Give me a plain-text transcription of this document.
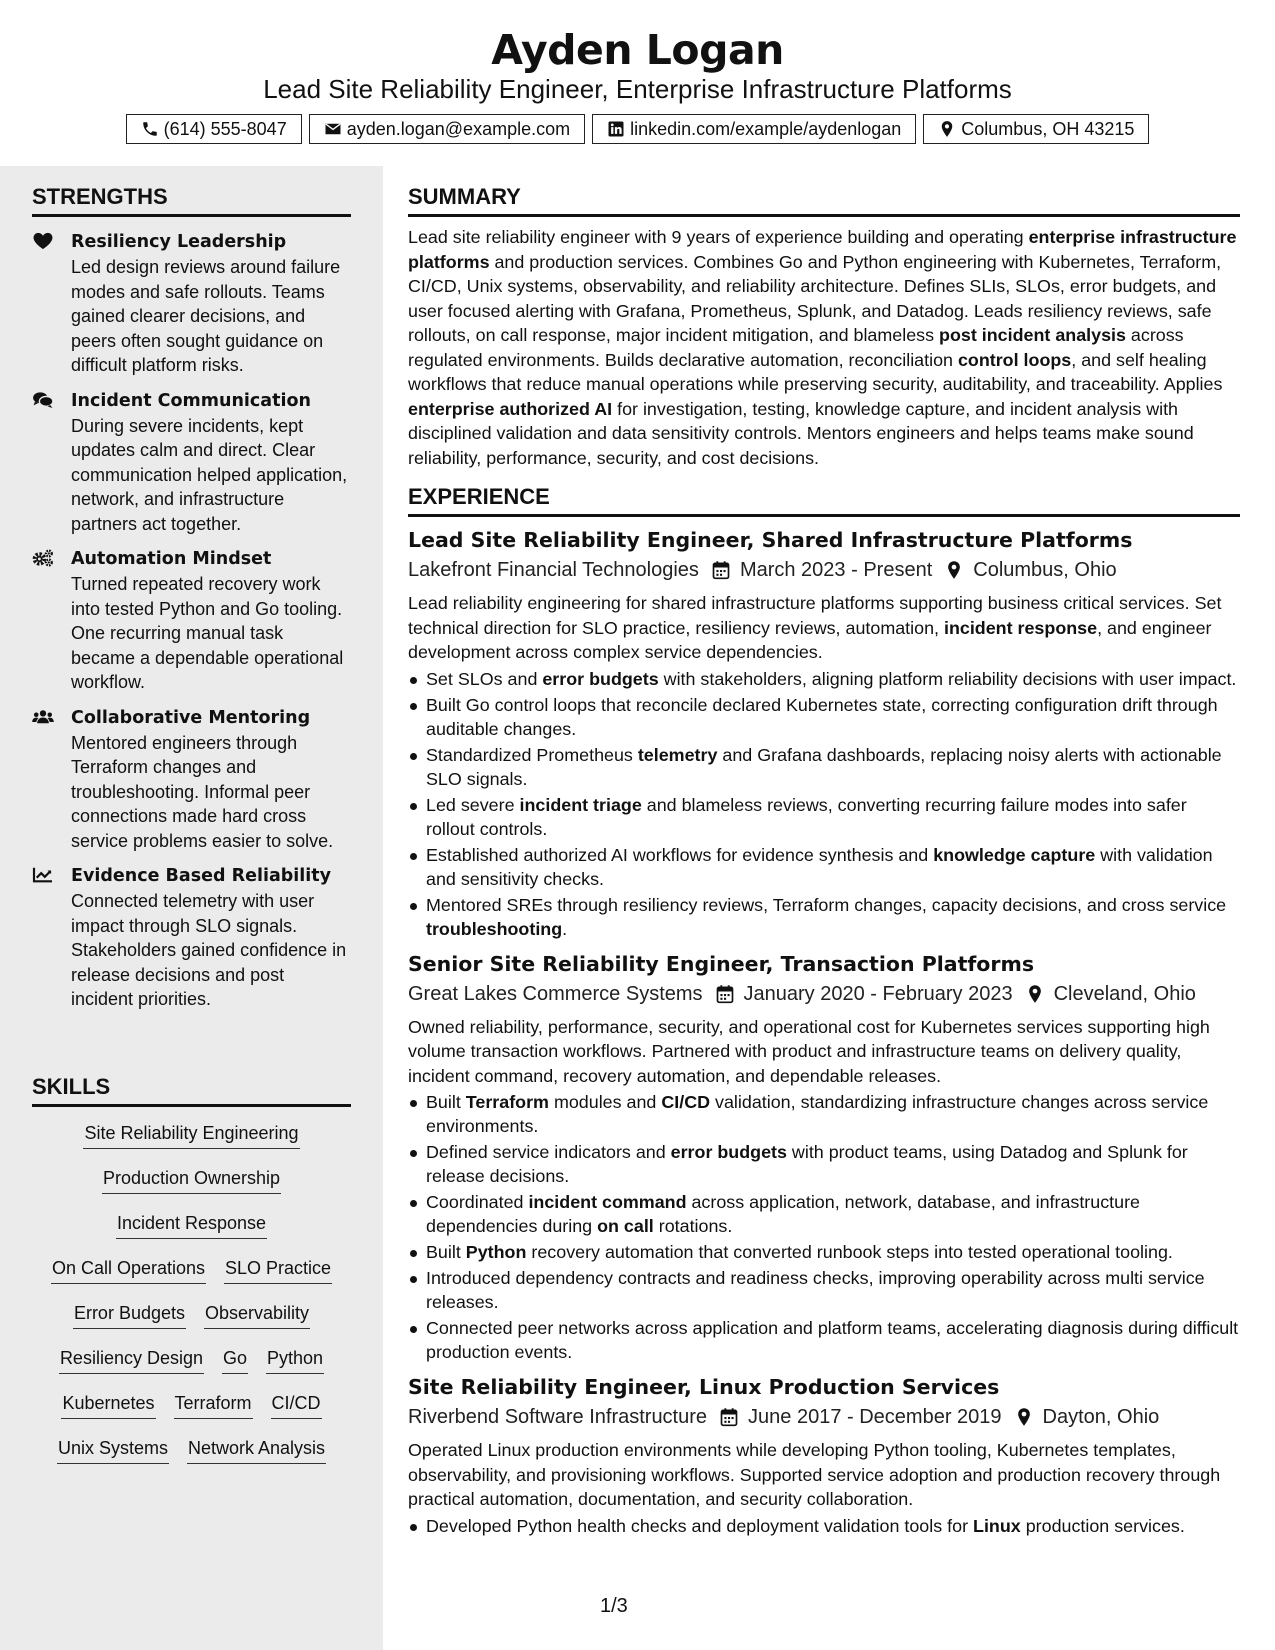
Ayden Logan
Lead Site Reliability Engineer, Enterprise Infrastructure Platforms
(614) 555-8047	ayden.logan@example.com	linkedin.com/example/aydenlogan	Columbus, OH 43215
STRENGTHS
Resiliency Leadership
Led design reviews around failure modes and safe rollouts. Teams gained clearer decisions, and peers often sought guidance on difficult platform risks.
Incident Communication
During severe incidents, kept updates calm and direct. Clear communication helped application, network, and infrastructure partners act together.
Automation Mindset
Turned repeated recovery work into tested Python and Go tooling. One recurring manual task became a dependable operational workflow.
Collaborative Mentoring
Mentored engineers through Terraform changes and troubleshooting. Informal peer connections made hard cross service problems easier to solve.
Evidence Based Reliability
Connected telemetry with user impact through SLO signals. Stakeholders gained confidence in release decisions and post incident priorities.
SKILLS
Site Reliability Engineering
Production Ownership
Incident Response
On Call Operations SLO Practice
Error Budgets Observability
Resiliency Design Go Python
Kubernetes Terraform CI/CD
Unix Systems Network Analysis
SUMMARY
Lead site reliability engineer with 9 years of experience building and operating enterprise infrastructure platforms and production services. Combines Go and Python engineering with Kubernetes, Terraform, CI/CD, Unix systems, observability, and reliability architecture. Defines SLIs, SLOs, error budgets, and user focused alerting with Grafana, Prometheus, Splunk, and Datadog. Leads resiliency reviews, safe rollouts, on call response, major incident mitigation, and blameless post incident analysis across regulated environments. Builds declarative automation, reconciliation control loops, and self healing workflows that reduce manual operations while preserving security, auditability, and traceability. Applies enterprise authorized AI for investigation, testing, knowledge capture, and incident analysis with disciplined validation and data sensitivity controls. Mentors engineers and helps teams make sound reliability, performance, security, and cost decisions.
EXPERIENCE
Lead Site Reliability Engineer, Shared Infrastructure Platforms
Lakefront Financial Technologies March 2023 - Present Columbus, Ohio
Lead reliability engineering for shared infrastructure platforms supporting business critical services. Set technical direction for SLO practice, resiliency reviews, automation, incident response, and engineer development across complex service dependencies.
Set SLOs and error budgets with stakeholders, aligning platform reliability decisions with user impact.
Built Go control loops that reconcile declared Kubernetes state, correcting configuration drift through auditable changes.
Standardized Prometheus telemetry and Grafana dashboards, replacing noisy alerts with actionable SLO signals.
Led severe incident triage and blameless reviews, converting recurring failure modes into safer rollout controls.
Established authorized AI workflows for evidence synthesis and knowledge capture with validation and sensitivity checks.
Mentored SREs through resiliency reviews, Terraform changes, capacity decisions, and cross service troubleshooting.
Senior Site Reliability Engineer, Transaction Platforms
Great Lakes Commerce Systems January 2020 - February 2023 Cleveland, Ohio
Owned reliability, performance, security, and operational cost for Kubernetes services supporting high volume transaction workflows. Partnered with product and infrastructure teams on delivery quality, incident command, recovery automation, and dependable releases.
Built Terraform modules and CI/CD validation, standardizing infrastructure changes across service environments.
Defined service indicators and error budgets with product teams, using Datadog and Splunk for release decisions.
Coordinated incident command across application, network, database, and infrastructure dependencies during on call rotations.
Built Python recovery automation that converted runbook steps into tested operational tooling.
Introduced dependency contracts and readiness checks, improving operability across multi service releases.
Connected peer networks across application and platform teams, accelerating diagnosis during difficult production events.
Site Reliability Engineer, Linux Production Services
Riverbend Software Infrastructure June 2017 - December 2019 Dayton, Ohio
Operated Linux production environments while developing Python tooling, Kubernetes templates, observability, and provisioning workflows. Supported service adoption and production recovery through practical automation, documentation, and security collaboration.
Developed Python health checks and deployment validation tools for Linux production services.
1/3
